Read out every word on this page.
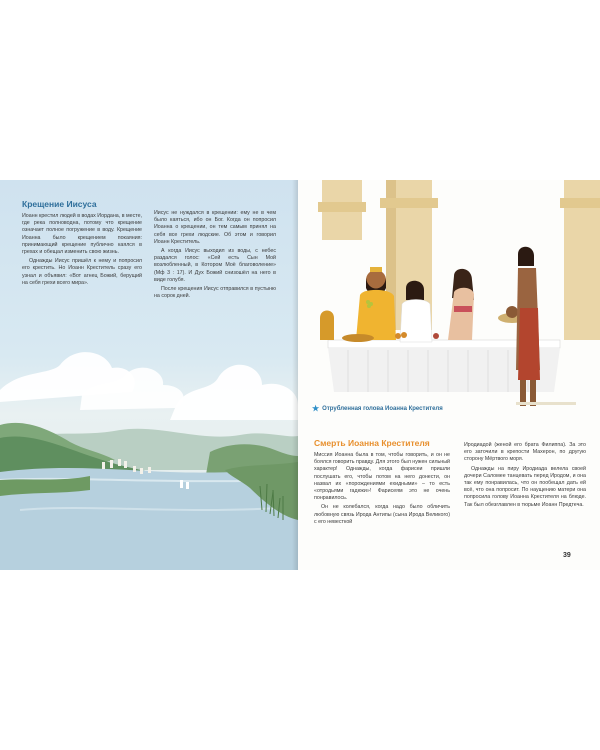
Крещение Иисуса

Иоанн крестил людей в водах Иордана, в месте, где река полноводна, потому что крещение означает полное погружение в воду. Крещение Иоанна было крещением покаяния: принимающий крещение публично каялся в грехах и обещал изменить свою жизнь.

Однажды Иисус пришёл к нему и попросил его крестить. Но Иоанн Креститель сразу его узнал и объявил: «Вот агнец Божий, берущий на себя грехи всего мира».

Иисус не нуждался в крещении: ему не в чем было каяться, ибо он Бог. Когда он попросил Иоанна о крещении, он тем самым принял на себя все грехи людские. Об этом и говорил Иоанн Креститель.

А когда Иисус выходил из воды, с небес раздался голос: «Сей есть Сын Мой возлюбленный, в Котором Моё благоволение» (Мф 3 : 17). И Дух Божий снизошёл на него в виде голубя.

После крещения Иисус отправился в пустыню на сорок дней.

★ Отрубленная голова Иоанна Крестителя
Смерть Иоанна Крестителя

Миссия Иоанна была в том, чтобы говорить, и он не боялся говорить правду. Для этого был нужен сильный характер! Однажды, когда фарисеи пришли послушать его, чтобы потом на него донести, он назвал их «порождениями ехидными» – то есть «отродьями гадюки»! Фарисеям это не очень понравилось.

Он не колебался, когда надо было обличить любовную связь Ирода Антипы (сына Ирода Великого) с его невесткой

Иродиадой (женой его брата Филиппа). За это его заточили в крепости Махерон, по другую сторону Мёртвого моря.

Однажды на пиру Иродиада велела своей дочери Саломее танцевать перед Иродом, и она так ему понравилась, что он пообещал дать ей всё, что она попросит. По наущению матери она попросила голову Иоанна Крестителя на блюде. Так был обезглавлен в тюрьме Иоанн Предтеча.

39
